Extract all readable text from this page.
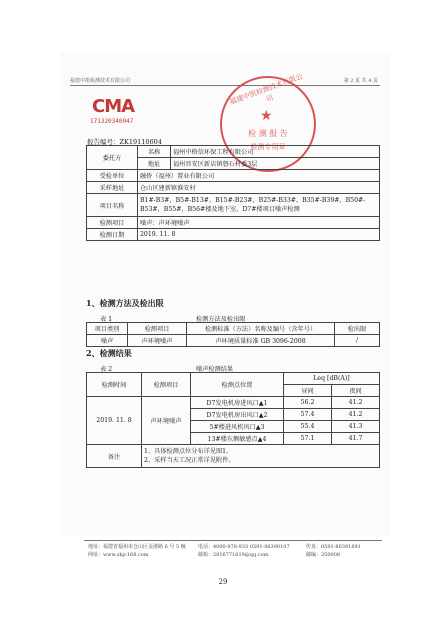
福建中凯检测技术有限公司	第 2 页 共 4 页
CMA
171320340047
福建中凯检测技术有限公司
★
检 测 报 告
检测专用章
报告编号：ZK19110604
委托方	名称	福州中格信环保工程有限公司
	地址	福州晋安区新店镇磐石村委3层
受检单位	融侨（福州）置业有限公司	
采样地址	仓山区建新镇淮安村	
项目名称	B1#-B3#，B5#-B13#，B15#-B23#，B25#-B33#，B35#-B39#，B50#-B53#，B55#，B56#楼及地下室，D7#楼项目噪声检测	
检测项目	噪声：声环境噪声	
检测日期	2019. 11. 8	
1、检测方法及检出限
表 1	检测方法及检出限
项目类别	检测项目	检测标准（方法）名称及编号（含年号）	检出限
噪声	声环境噪声	声环境质量标准 GB 3096-2008	/
2、检测结果
表 2	噪声检测结果
检测时间	检测项目	检测点位置	Leq [dB(A)]	
			昼间	夜间
2019. 11. 8	声环境噪声	D7发电机房进风口▲1	56.2	41.2
		D7发电机房出风口▲2	57.4	41.2
		5#楼进风机风口▲3	55.4	41.3
		13#楼东侧敏感点▲4	57.1	41.7
备注	1、具体检测点位分布详见图1。
2、采样当天工况正常详见附件。			
地址：福建省福州市仓山区金港路 6 号 5 幢 电话：4000-978-933 0591-86390107	传真：0591-86391891
网址：www.zkjc168.com	邮箱：2816771619@qq.com	邮编：350008
29
